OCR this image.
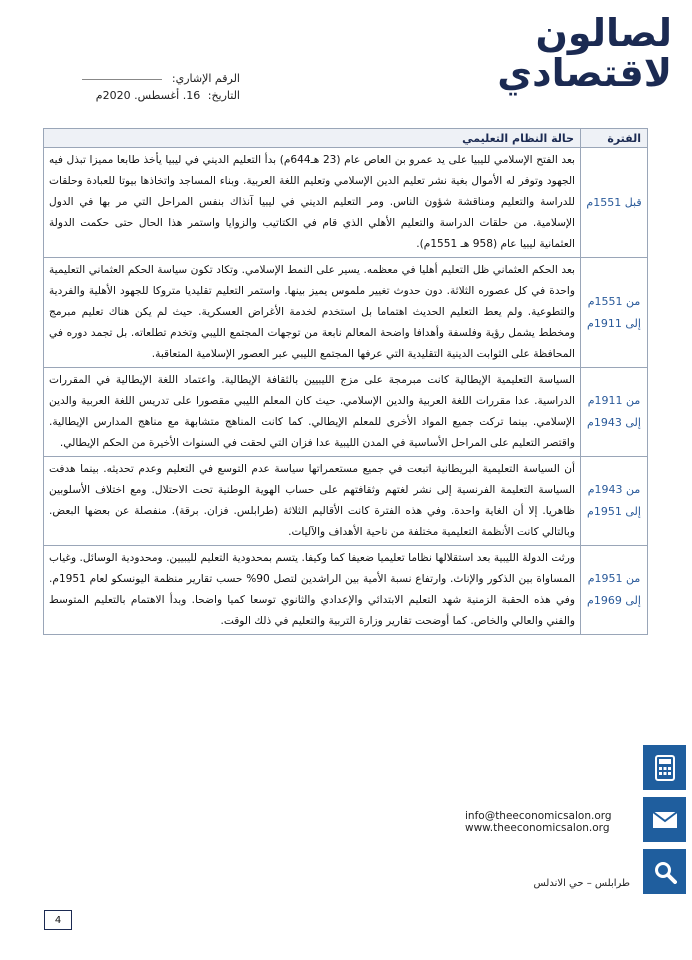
لصالون
لاقتصادي
الرقم الإشاري:
التاريخ: 16. أغسطس. 2020م
الفترة	حالة النظام التعليمي
قبل 1551م	بعد الفتح الإسلامي لليبيا على يد عمرو بن العاص عام (23 هـ644م) بدأ التعليم الديني في ليبيا يأخذ طابعا مميزا تبذل فيه الجهود وتوفر له الأموال بغية نشر تعليم الدين الإسلامي وتعليم اللغة العربية. وبناء المساجد واتخاذها بيوتا للعبادة وحلقات للدراسة والتعليم ومناقشة شؤون الناس. ومر التعليم الديني في ليبيا آنذاك بنفس المراحل التي مر بها في الدول الإسلامية. من حلقات الدراسة والتعليم الأهلي الذي قام في الكتاتيب والزوايا واستمر هذا الحال حتى حكمت الدولة العثمانية ليبيا عام (958 هـ 1551م).
من 1551م إلى 1911م	بعد الحكم العثماني ظل التعليم أهليا في معظمه. يسير على النمط الإسلامي. وتكاد تكون سياسة الحكم العثماني التعليمية واحدة في كل عصوره الثلاثة. دون حدوث تغيير ملموس يميز بينها. واستمر التعليم تقليديا متروكا للجهود الأهلية والفردية والتطوعية. ولم يعط التعليم الحديث اهتماما بل استخدم لخدمة الأغراض العسكرية. حيث لم يكن هناك تعليم مبرمج ومخطط يشمل رؤية وفلسفة وأهدافا واضحة المعالم نابعة من توجهات المجتمع الليبي وتخدم تطلعاته. بل تجمد دوره في المحافظة على الثوابت الدينية التقليدية التي عرفها المجتمع الليبي عبر العصور الإسلامية المتعاقبة.
من 1911م إلى 1943م	السياسة التعليمية الإيطالية كانت مبرمجة على مزج الليبيين بالثقافة الإيطالية. واعتماد اللغة الإيطالية في المقررات الدراسية. عدا مقررات اللغة العربية والدين الإسلامي. حيث كان المعلم الليبي مقصورا على تدريس اللغة العربية والدين الإسلامي. بينما تركت جميع المواد الأخرى للمعلم الإيطالي. كما كانت المناهج متشابهة مع مناهج المدارس الإيطالية. واقتصر التعليم على المراحل الأساسية في المدن الليبية عدا فزان التي لحقت في السنوات الأخيرة من الحكم الإيطالي.
من 1943م إلى 1951م	أن السياسة التعليمية البريطانية اتبعت في جميع مستعمراتها سياسة عدم التوسع في التعليم وعدم تحديثه. بينما هدفت السياسة التعليمة الفرنسية إلى نشر لغتهم وثقافتهم على حساب الهوية الوطنية تحت الاحتلال. ومع اختلاف الأسلوبين ظاهريا. إلا أن الغاية واحدة. وفي هذه الفترة كانت الأقاليم الثلاثة (طرابلس. فزان. برقة). منفصلة عن بعضها البعض. وبالتالي كانت الأنظمة التعليمية مختلفة من ناحية الأهداف والآليات.
من 1951م إلى 1969م	ورثت الدولة الليبية بعد استقلالها نظاما تعليميا ضعيفا كما وكيفا. يتسم بمحدودية التعليم لليبيين. ومحدودية الوسائل. وغياب المساواة بين الذكور والإناث. وارتفاع نسبة الأمية بين الراشدين لتصل 90% حسب تقارير منظمة اليونسكو لعام 1951م. وفي هذه الحقبة الزمنية شهد التعليم الابتدائي والإعدادي والثانوي توسعا كميا واضحا. وبدأ الاهتمام بالتعليم المتوسط والفني والعالي والخاص. كما أوضحت تقارير وزارة التربية والتعليم في ذلك الوقت.
info@theeconomicsalon.org
www.theeconomicsalon.org
طرابلس – حي الاندلس
4
